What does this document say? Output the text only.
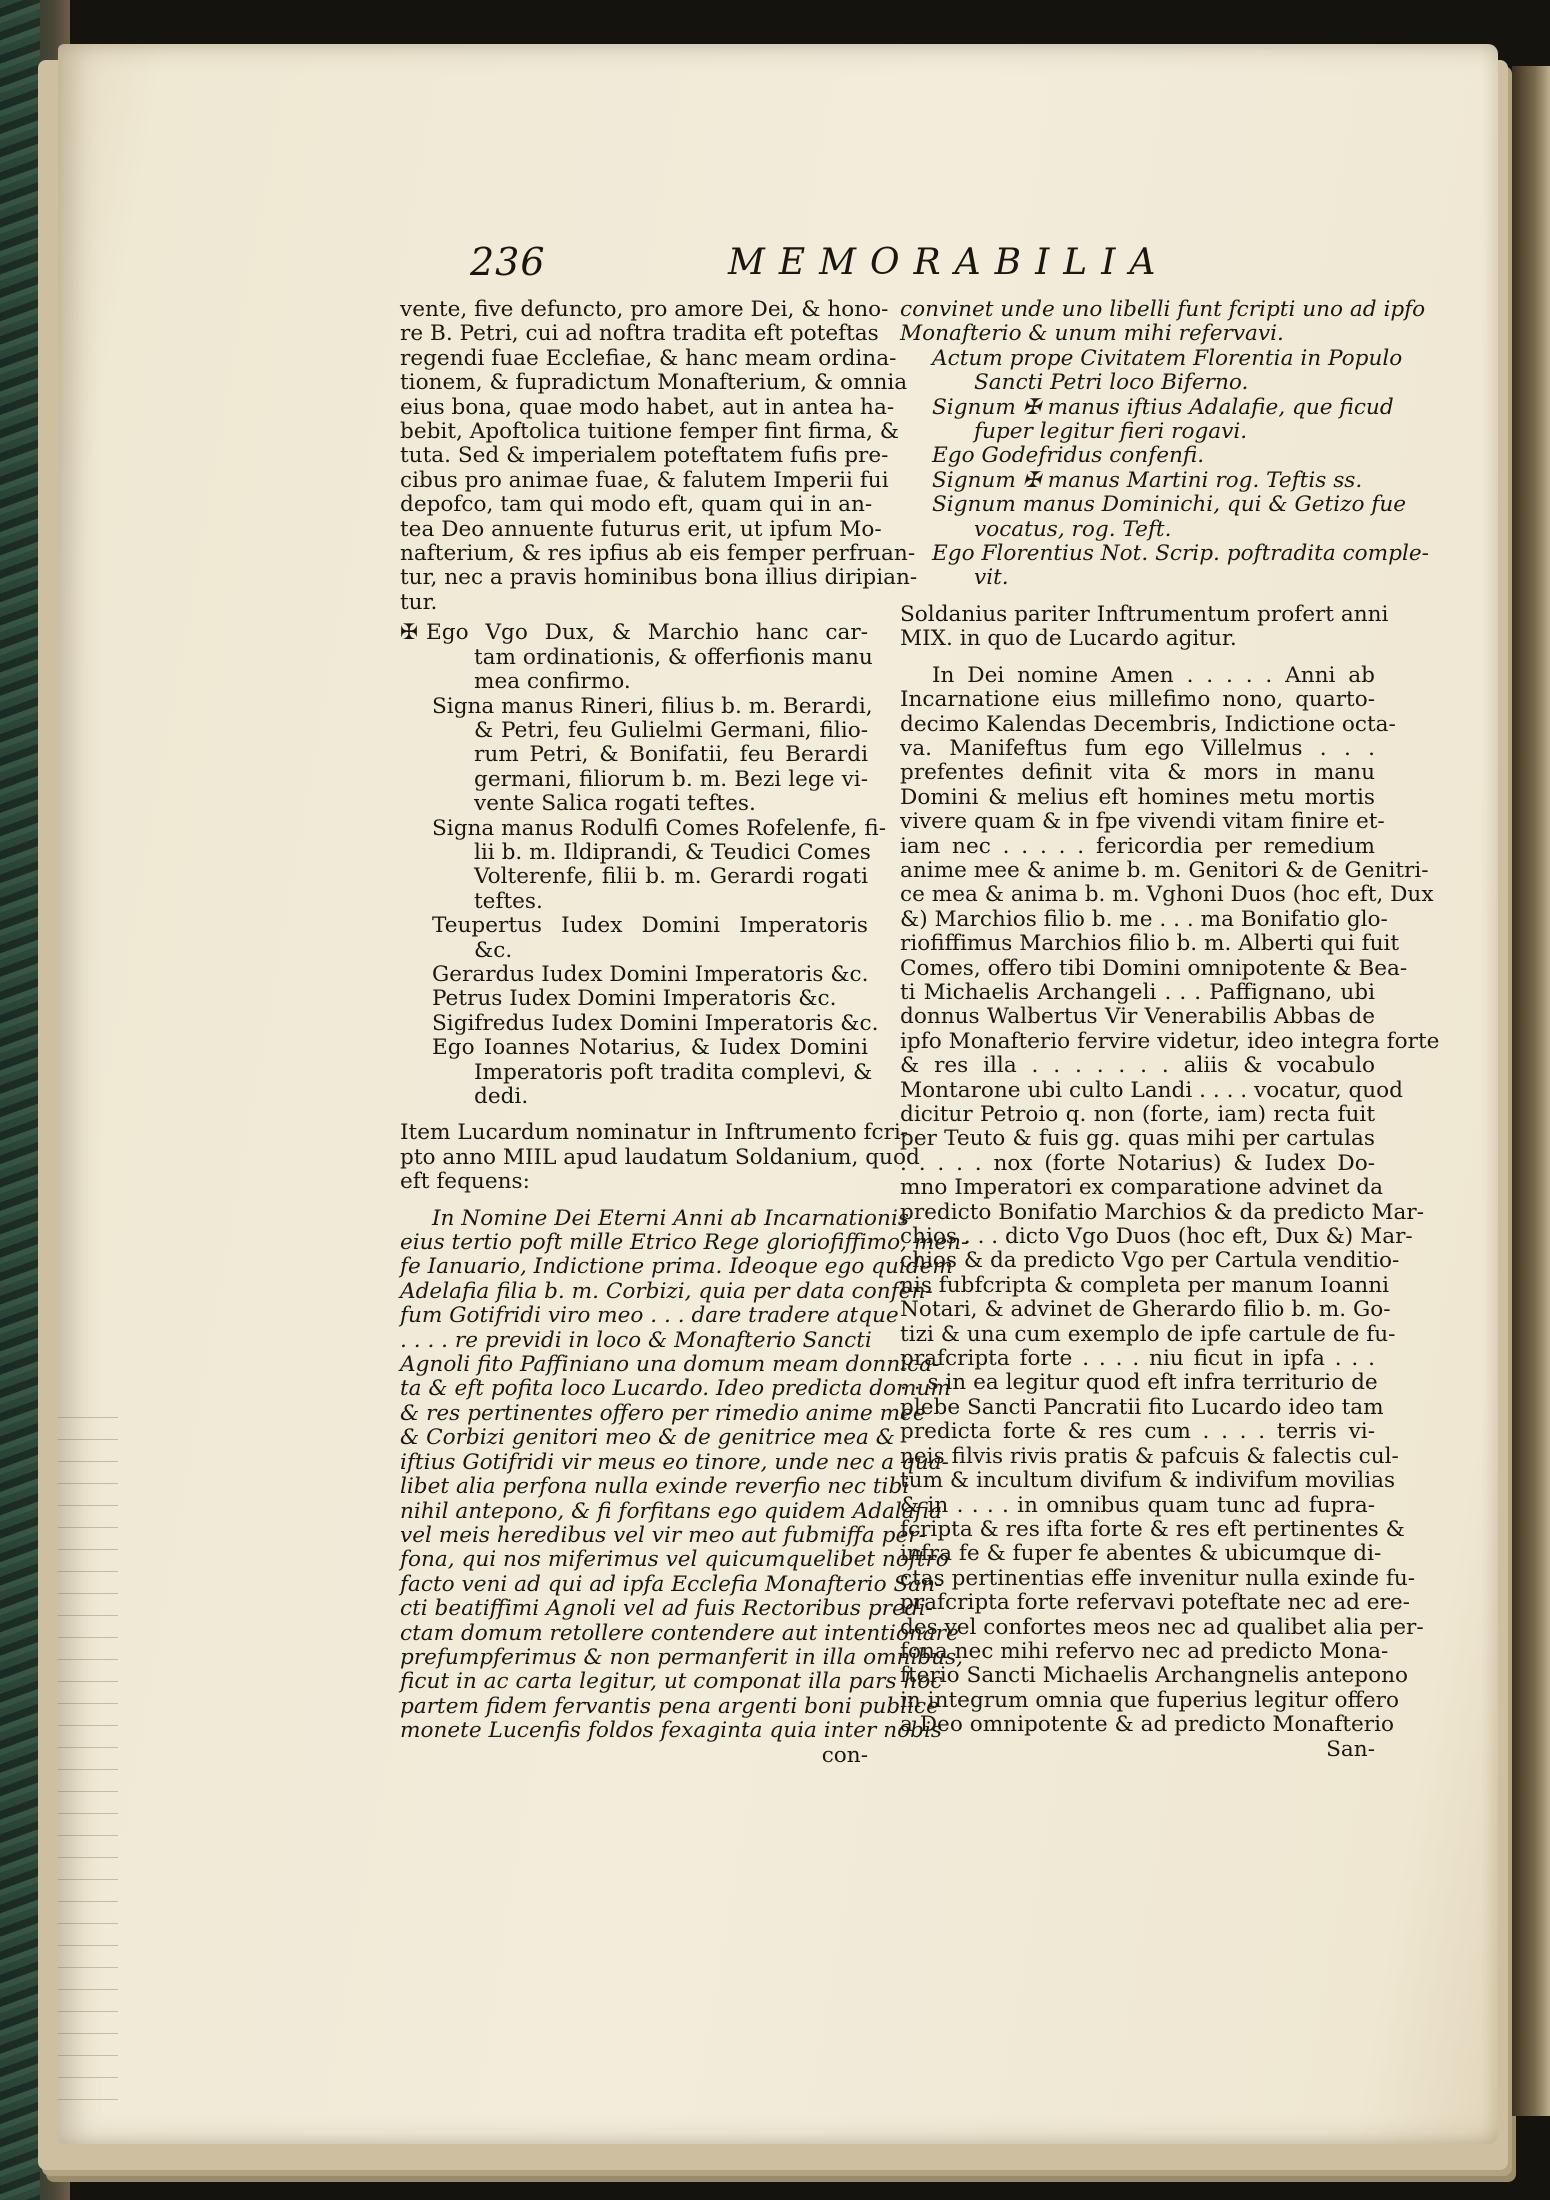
236	MEMORABILIA
vente, five defuncto, pro amore Dei, & hono-
re B. Petri, cui ad noftra tradita eft poteftas
regendi fuae Ecclefiae, & hanc meam ordina-
tionem, & fupradictum Monafterium, & omnia
eius bona, quae modo habet, aut in antea ha-
bebit, Apoftolica tuitione femper fint firma, &
tuta. Sed & imperialem poteftatem fufis pre-
cibus pro animae fuae, & falutem Imperii fui
depofco, tam qui modo eft, quam qui in an-
tea Deo annuente futurus erit, ut ipfum Mo-
nafterium, & res ipfius ab eis femper perfruan-
tur, nec a pravis hominibus bona illius diripian-
tur.
✠ Ego Vgo Dux, & Marchio hanc car-
tam ordinationis, & offerfionis manu
mea confirmo.
Signa manus Rineri, filius b. m. Berardi,
& Petri, feu Gulielmi Germani, filio-
rum Petri, & Bonifatii, feu Berardi
germani, filiorum b. m. Bezi lege vi-
vente Salica rogati teftes.
Signa manus Rodulfi Comes Rofelenfe, fi-
lii b. m. Ildiprandi, & Teudici Comes
Volterenfe, filii b. m. Gerardi rogati
teftes.
Teupertus Iudex Domini Imperatoris
&c.
Gerardus Iudex Domini Imperatoris &c.
Petrus Iudex Domini Imperatoris &c.
Sigifredus Iudex Domini Imperatoris &c.
Ego Ioannes Notarius, & Iudex Domini
Imperatoris poft tradita complevi, &
dedi.
Item Lucardum nominatur in Inftrumento fcri-
pto anno MIIL apud laudatum Soldanium, quod
eft fequens:
In Nomine Dei Eterni Anni ab Incarnationis
eius tertio poft mille Etrico Rege gloriofiffimo, men-
fe Ianuario, Indictione prima. Ideoque ego quidem
Adelafia filia b. m. Corbizi, quia per data confen-
fum Gotifridi viro meo . . . dare tradere atque
. . . . re previdi in loco & Monafterio Sancti
Agnoli fito Paffiniano una domum meam donnica-
ta & eft pofita loco Lucardo. Ideo predicta domum
& res pertinentes offero per rimedio anime mee
& Corbizi genitori meo & de genitrice mea &
iftius Gotifridi vir meus eo tinore, unde nec a qua-
libet alia perfona nulla exinde reverfio nec tibi
nihil antepono, & fi forfitans ego quidem Adalafia
vel meis heredibus vel vir meo aut fubmiffa per-
fona, qui nos miferimus vel quicumquelibet noftro
facto veni ad qui ad ipfa Ecclefia Monafterio San-
cti beatiffimi Agnoli vel ad fuis Rectoribus predi-
ctam domum retollere contendere aut intentionare
prefumpferimus & non permanferit in illa omnibus,
ficut in ac carta legitur, ut componat illa pars hoc
partem fidem fervantis pena argenti boni publice
monete Lucenfis foldos fexaginta quia inter nobis
con-
convinet unde uno libelli funt fcripti uno ad ipfo
Monafterio & unum mihi refervavi.
Actum prope Civitatem Florentia in Populo
Sancti Petri loco Biferno.
Signum ✠ manus iftius Adalafie, que ficud
fuper legitur fieri rogavi.
Ego Godefridus confenfi.
Signum ✠ manus Martini rog. Teftis ss.
Signum manus Dominichi, qui & Getizo fue
vocatus, rog. Teft.
Ego Florentius Not. Scrip. poftradita comple-
vit.
Soldanius pariter Inftrumentum profert anni
MIX. in quo de Lucardo agitur.
In Dei nomine Amen . . . . . Anni ab
Incarnatione eius millefimo nono, quarto-
decimo Kalendas Decembris, Indictione octa-
va. Manifeftus fum ego Villelmus . . .
prefentes definit vita & mors in manu
Domini & melius eft homines metu mortis
vivere quam & in fpe vivendi vitam finire et-
iam nec . . . . . fericordia per remedium
anime mee & anime b. m. Genitori & de Genitri-
ce mea & anima b. m. Vghoni Duos (hoc eft, Dux
&) Marchios filio b. me . . . ma Bonifatio glo-
riofiffimus Marchios filio b. m. Alberti qui fuit
Comes, offero tibi Domini omnipotente & Bea-
ti Michaelis Archangeli . . . Paffignano, ubi
donnus Walbertus Vir Venerabilis Abbas de
ipfo Monafterio fervire videtur, ideo integra forte
& res illa . . . . . . . aliis & vocabulo
Montarone ubi culto Landi . . . . vocatur, quod
dicitur Petroio q. non (forte, iam) recta fuit
per Teuto & fuis gg. quas mihi per cartulas
. . . . . nox (forte Notarius) & Iudex Do-
mno Imperatori ex comparatione advinet da
predicto Bonifatio Marchios & da predicto Mar-
chios . . . dicto Vgo Duos (hoc eft, Dux &) Mar-
chios & da predicto Vgo per Cartula venditio-
nis fubfcripta & completa per manum Ioanni
Notari, & advinet de Gherardo filio b. m. Go-
tizi & una cum exemplo de ipfe cartule de fu-
prafcripta forte . . . . niu ficut in ipfa . . .
. . s in ea legitur quod eft infra territurio de
plebe Sancti Pancratii fito Lucardo ideo tam
predicta forte & res cum . . . . terris vi-
neis filvis rivis pratis & pafcuis & falectis cul-
tum & incultum divifum & indivifum movilias
& in . . . . in omnibus quam tunc ad fupra-
fcripta & res ifta forte & res eft pertinentes &
infra fe & fuper fe abentes & ubicumque di-
ctas pertinentias effe invenitur nulla exinde fu-
prafcripta forte refervavi poteftate nec ad ere-
des vel confortes meos nec ad qualibet alia per-
fona nec mihi refervo nec ad predicto Mona-
fterio Sancti Michaelis Archangnelis antepono
in integrum omnia que fuperius legitur offero
a Deo omnipotente & ad predicto Monafterio
San-
